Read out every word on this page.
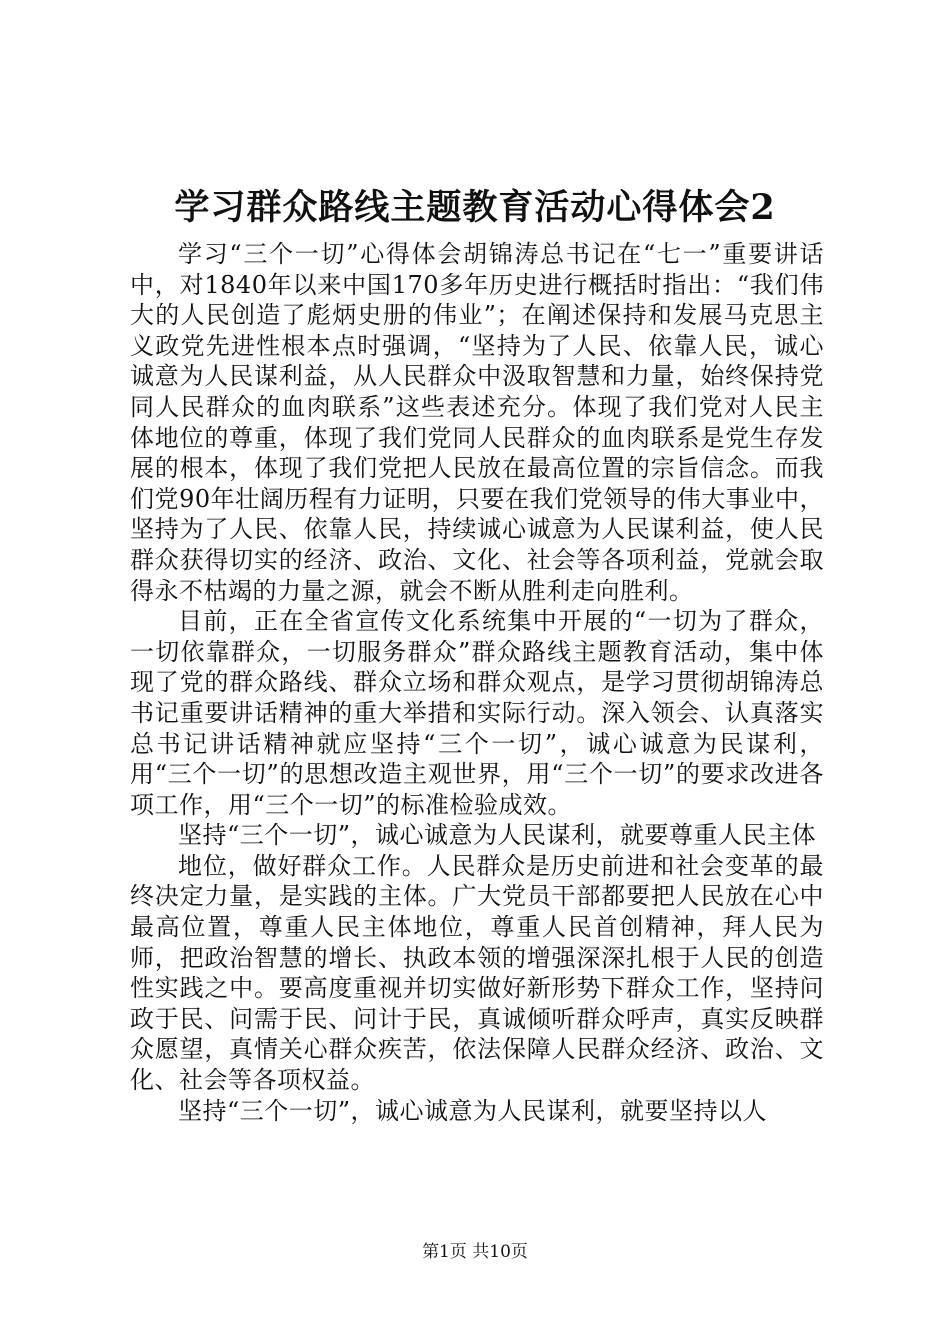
学习群众路线主题教育活动心得体会2

学习“三个一切”心得体会胡锦涛总书记在“七一”重要讲话中，对1840年以来中国170多年历史进行概括时指出：“我们伟大的人民创造了彪炳史册的伟业”；在阐述保持和发展马克思主义政党先进性根本点时强调，“坚持为了人民、依靠人民，诚心诚意为人民谋利益，从人民群众中汲取智慧和力量，始终保持党同人民群众的血肉联系”这些表述充分。体现了我们党对人民主体地位的尊重，体现了我们党同人民群众的血肉联系是党生存发展的根本，体现了我们党把人民放在最高位置的宗旨信念。而我们党90年壮阔历程有力证明，只要在我们党领导的伟大事业中，坚持为了人民、依靠人民，持续诚心诚意为人民谋利益，使人民群众获得切实的经济、政治、文化、社会等各项利益，党就会取得永不枯竭的力量之源，就会不断从胜利走向胜利。

目前，正在全省宣传文化系统集中开展的“一切为了群众，一切依靠群众，一切服务群众”群众路线主题教育活动，集中体现了党的群众路线、群众立场和群众观点，是学习贯彻胡锦涛总书记重要讲话精神的重大举措和实际行动。深入领会、认真落实总书记讲话精神就应坚持“三个一切”，诚心诚意为民谋利，用“三个一切”的思想改造主观世界，用“三个一切”的要求改进各项工作，用“三个一切”的标准检验成效。

坚持“三个一切”，诚心诚意为人民谋利，就要尊重人民主体

地位，做好群众工作。人民群众是历史前进和社会变革的最终决定力量，是实践的主体。广大党员干部都要把人民放在心中最高位置，尊重人民主体地位，尊重人民首创精神，拜人民为师，把政治智慧的增长、执政本领的增强深深扎根于人民的创造性实践之中。要高度重视并切实做好新形势下群众工作，坚持问政于民、问需于民、问计于民，真诚倾听群众呼声，真实反映群众愿望，真情关心群众疾苦，依法保障人民群众经济、政治、文化、社会等各项权益。

坚持“三个一切”，诚心诚意为人民谋利，就要坚持以人

第1页 共10页
